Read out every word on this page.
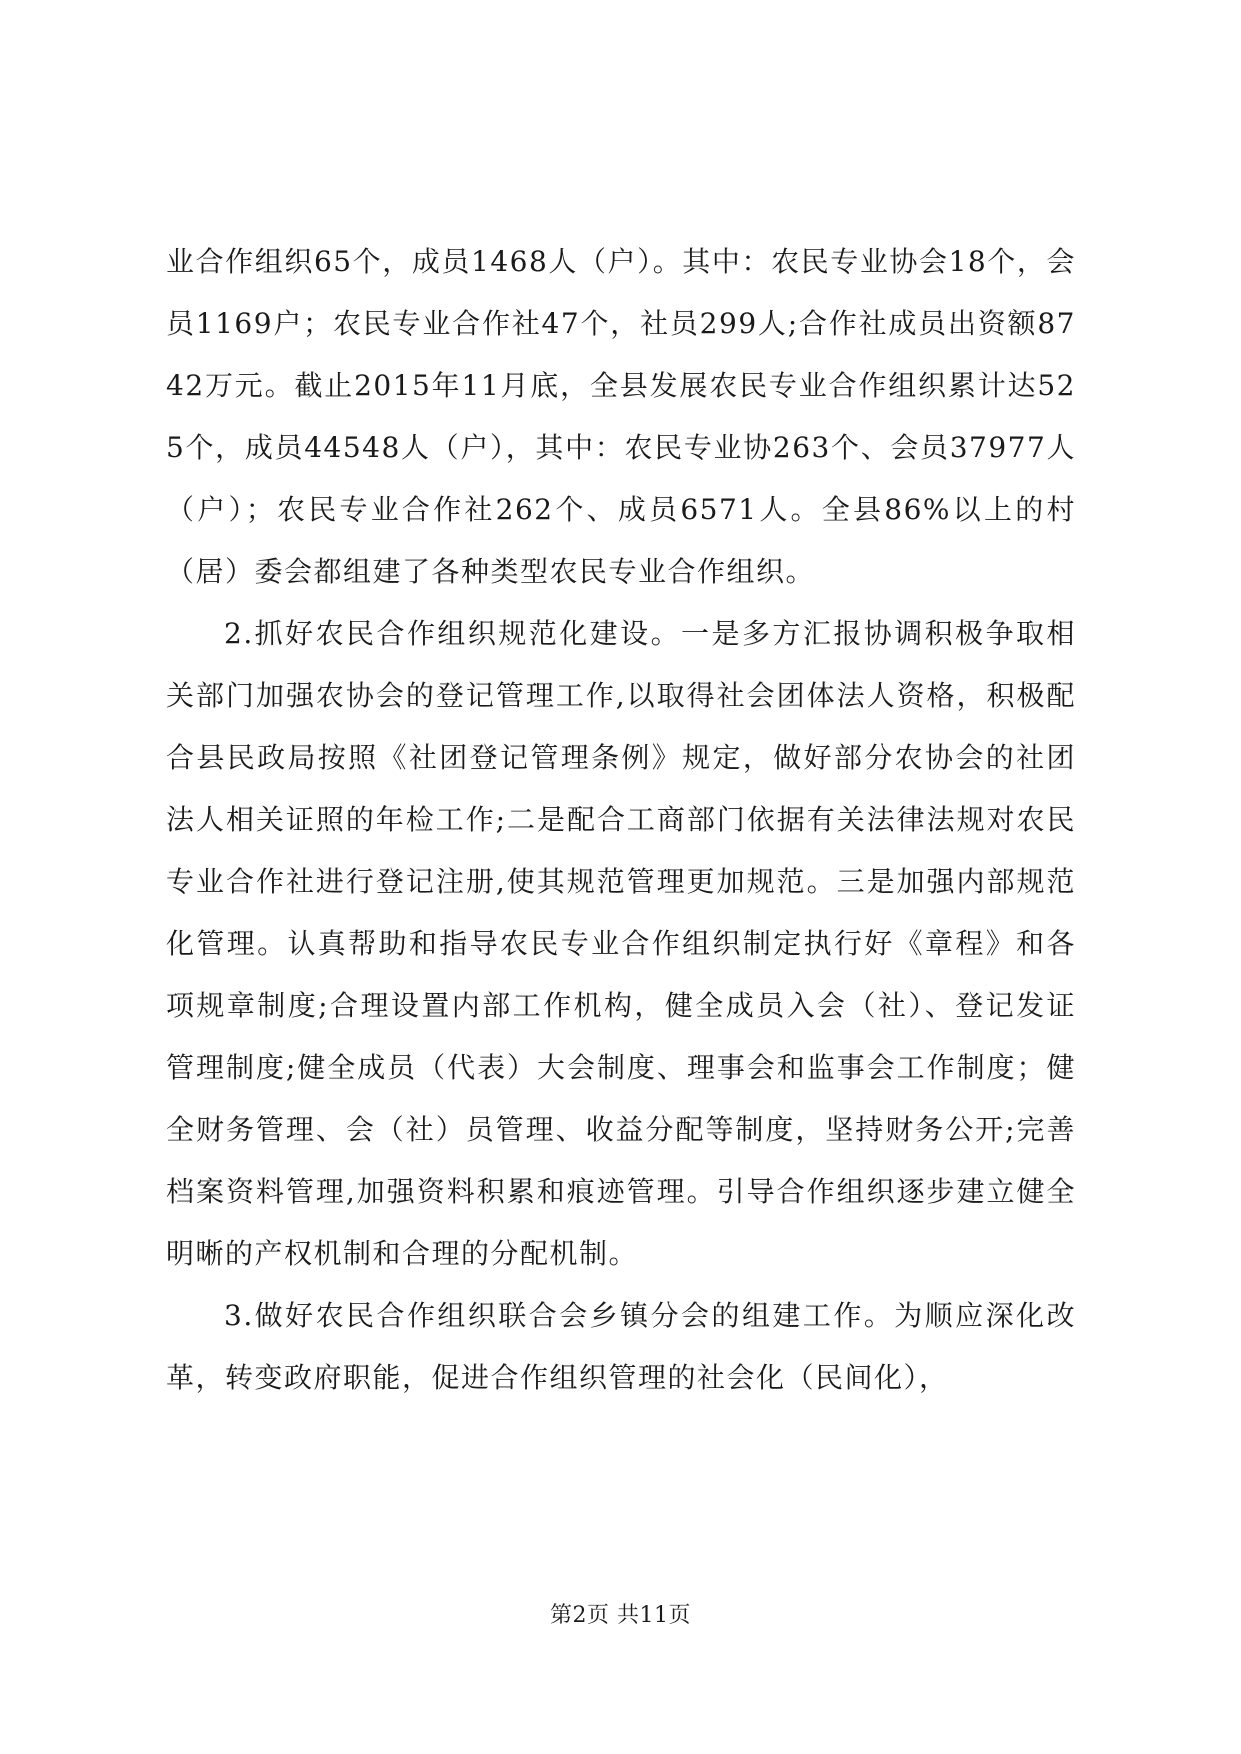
业合作组织65个，成员1468人（户）。其中：农民专业协会18个，会员1169户；农民专业合作社47个，社员299人;合作社成员出资额8742万元。截止2015年11月底，全县发展农民专业合作组织累计达525个，成员44548人（户），其中：农民专业协263个、会员37977人（户）；农民专业合作社262个、成员6571人。全县86%以上的村（居）委会都组建了各种类型农民专业合作组织。

2.抓好农民合作组织规范化建设。一是多方汇报协调积极争取相关部门加强农协会的登记管理工作,以取得社会团体法人资格，积极配合县民政局按照《社团登记管理条例》规定，做好部分农协会的社团法人相关证照的年检工作;二是配合工商部门依据有关法律法规对农民专业合作社进行登记注册,使其规范管理更加规范。三是加强内部规范化管理。认真帮助和指导农民专业合作组织制定执行好《章程》和各项规章制度;合理设置内部工作机构，健全成员入会（社）、登记发证管理制度;健全成员（代表）大会制度、理事会和监事会工作制度；健全财务管理、会（社）员管理、收益分配等制度，坚持财务公开;完善档案资料管理,加强资料积累和痕迹管理。引导合作组织逐步建立健全明晰的产权机制和合理的分配机制。

3.做好农民合作组织联合会乡镇分会的组建工作。为顺应深化改革，转变政府职能，促进合作组织管理的社会化（民间化），

第2页 共11页
